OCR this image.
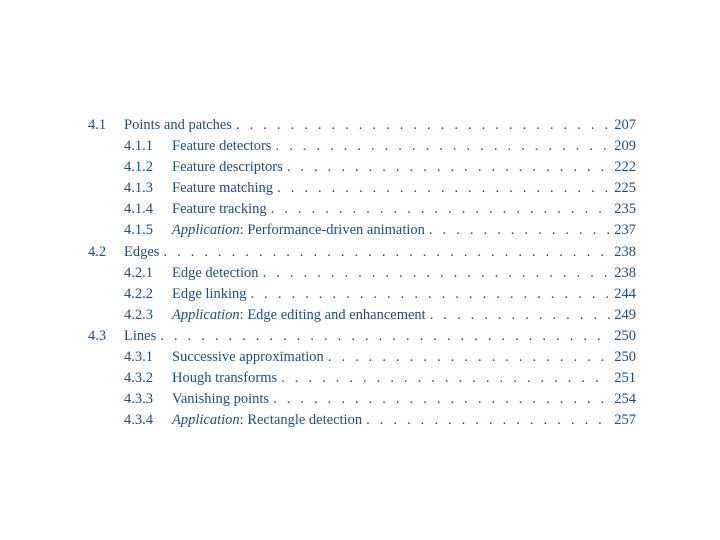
4.1	Points and patches . . .	207
4.1.1	Feature detectors . . .	209
4.1.2	Feature descriptors . . .	222
4.1.3	Feature matching . . .	225
4.1.4	Feature tracking . . .	235
4.1.5	Application: Performance-driven animation . . .	237
4.2	Edges . . .	238
4.2.1	Edge detection . . .	238
4.2.2	Edge linking . . .	244
4.2.3	Application: Edge editing and enhancement . . .	249
4.3	Lines . . .	250
4.3.1	Successive approximation . . .	250
4.3.2	Hough transforms . . .	251
4.3.3	Vanishing points . . .	254
4.3.4	Application: Rectangle detection . . .	257
